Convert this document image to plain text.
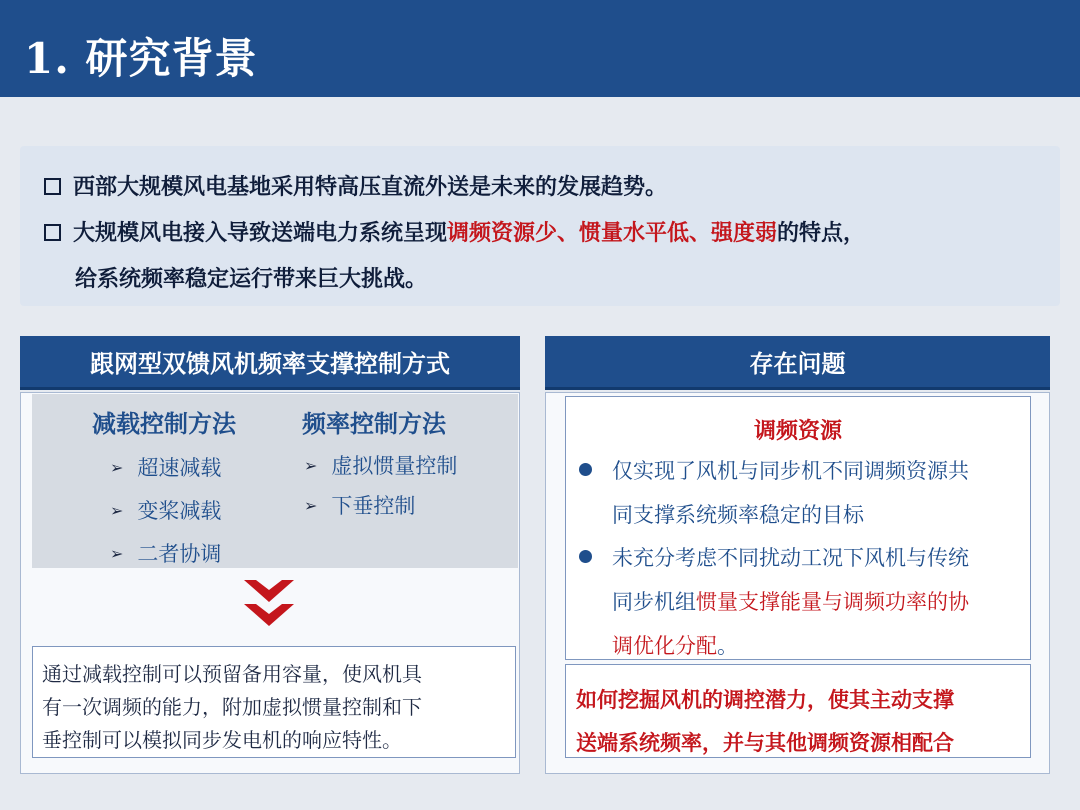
1. 研究背景
西部大规模风电基地采用特高压直流外送是未来的发展趋势。
大规模风电接入导致送端电力系统呈现调频资源少、惯量水平低、强度弱的特点，
给系统频率稳定运行带来巨大挑战。
跟网型双馈风机频率支撑控制方式
减载控制方法	频率控制方法
➢ 超速减载
➢ 变桨减载
➢ 二者协调
➢ 虚拟惯量控制
➢ 下垂控制
通过减载控制可以预留备用容量，使风机具
有一次调频的能力，附加虚拟惯量控制和下
垂控制可以模拟同步发电机的响应特性。
存在问题
调频资源
仅实现了风机与同步机不同调频资源共
同支撑系统频率稳定的目标
未充分考虑不同扰动工况下风机与传统
同步机组惯量支撑能量与调频功率的协
调优化分配。
如何挖掘风机的调控潜力，使其主动支撑
送端系统频率，并与其他调频资源相配合
